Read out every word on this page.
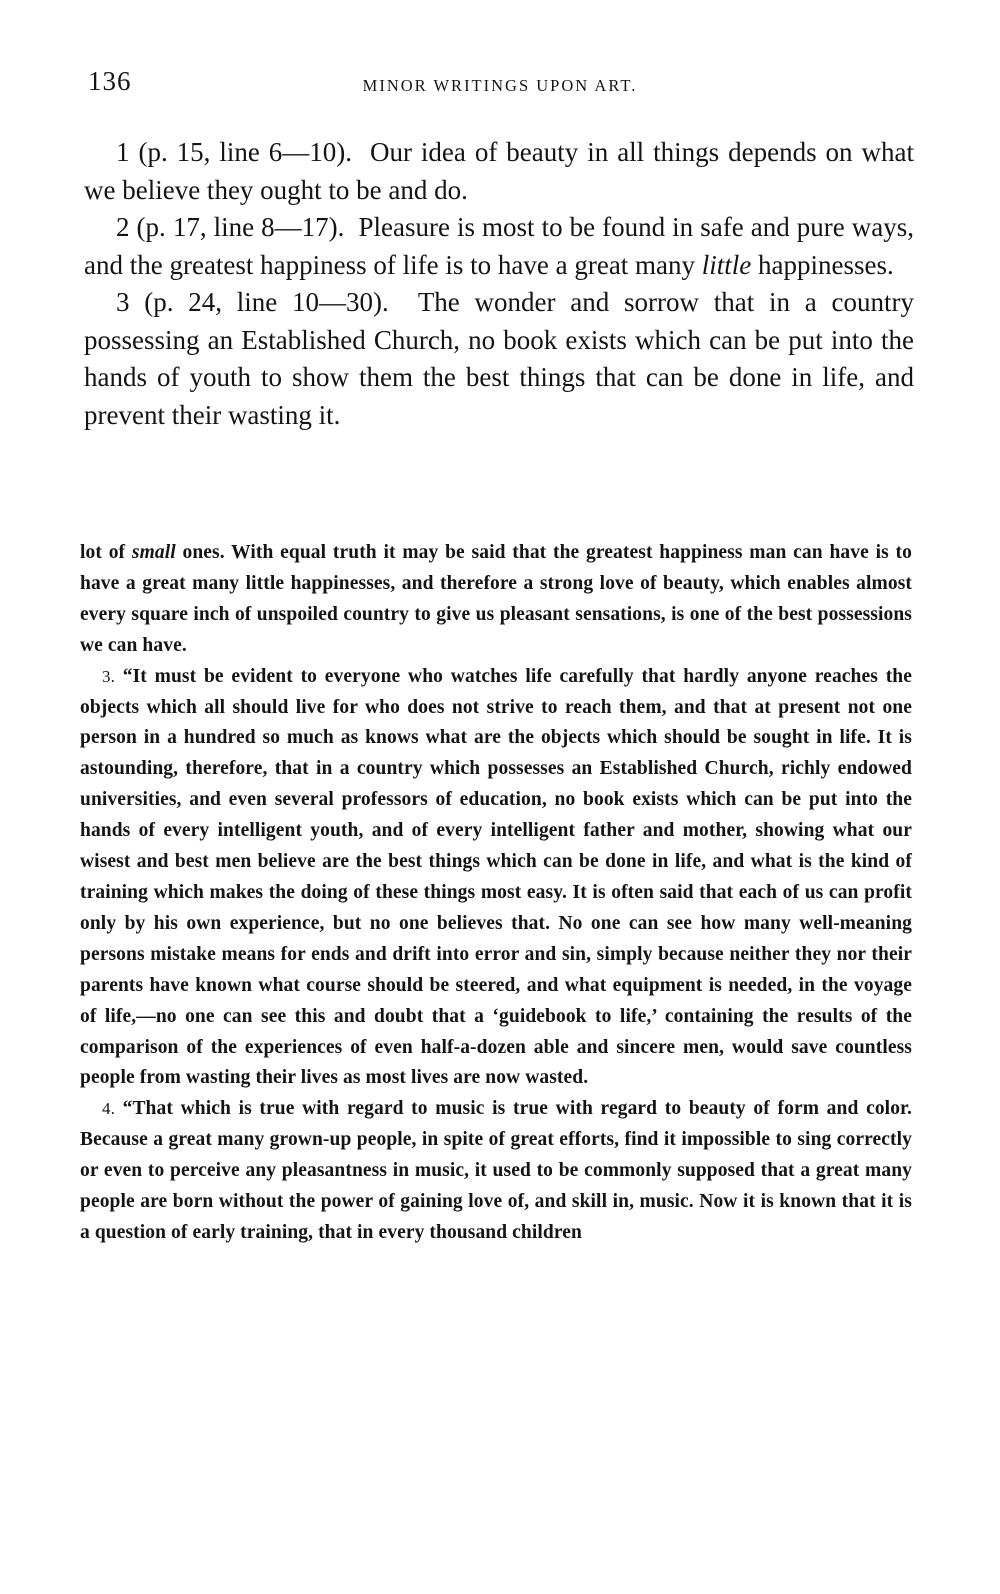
136	MINOR WRITINGS UPON ART.

1 (p. 15, line 6—10). Our idea of beauty in all things depends on what we believe they ought to be and do.

2 (p. 17, line 8—17). Pleasure is most to be found in safe and pure ways, and the greatest happiness of life is to have a great many little happinesses.

3 (p. 24, line 10—30). The wonder and sorrow that in a country possessing an Established Church, no book exists which can be put into the hands of youth to show them the best things that can be done in life, and prevent their wasting it.

lot of small ones. With equal truth it may be said that the greatest happiness man can have is to have a great many little happinesses, and therefore a strong love of beauty, which enables almost every square inch of unspoiled country to give us pleasant sensations, is one of the best possessions we can have.

3. “It must be evident to everyone who watches life carefully that hardly anyone reaches the objects which all should live for who does not strive to reach them, and that at present not one person in a hundred so much as knows what are the objects which should be sought in life. It is astounding, therefore, that in a country which possesses an Established Church, richly endowed universities, and even several professors of education, no book exists which can be put into the hands of every intelligent youth, and of every intelligent father and mother, showing what our wisest and best men believe are the best things which can be done in life, and what is the kind of training which makes the doing of these things most easy. It is often said that each of us can profit only by his own experience, but no one believes that. No one can see how many well-meaning persons mistake means for ends and drift into error and sin, simply because neither they nor their parents have known what course should be steered, and what equipment is needed, in the voyage of life,—no one can see this and doubt that a ‘guidebook to life,’ containing the results of the comparison of the experiences of even half-a-dozen able and sincere men, would save countless people from wasting their lives as most lives are now wasted.

4. “That which is true with regard to music is true with regard to beauty of form and color. Because a great many grown-up people, in spite of great efforts, find it impossible to sing correctly or even to perceive any pleasantness in music, it used to be commonly supposed that a great many people are born without the power of gaining love of, and skill in, music. Now it is known that it is a question of early training, that in every thousand children
